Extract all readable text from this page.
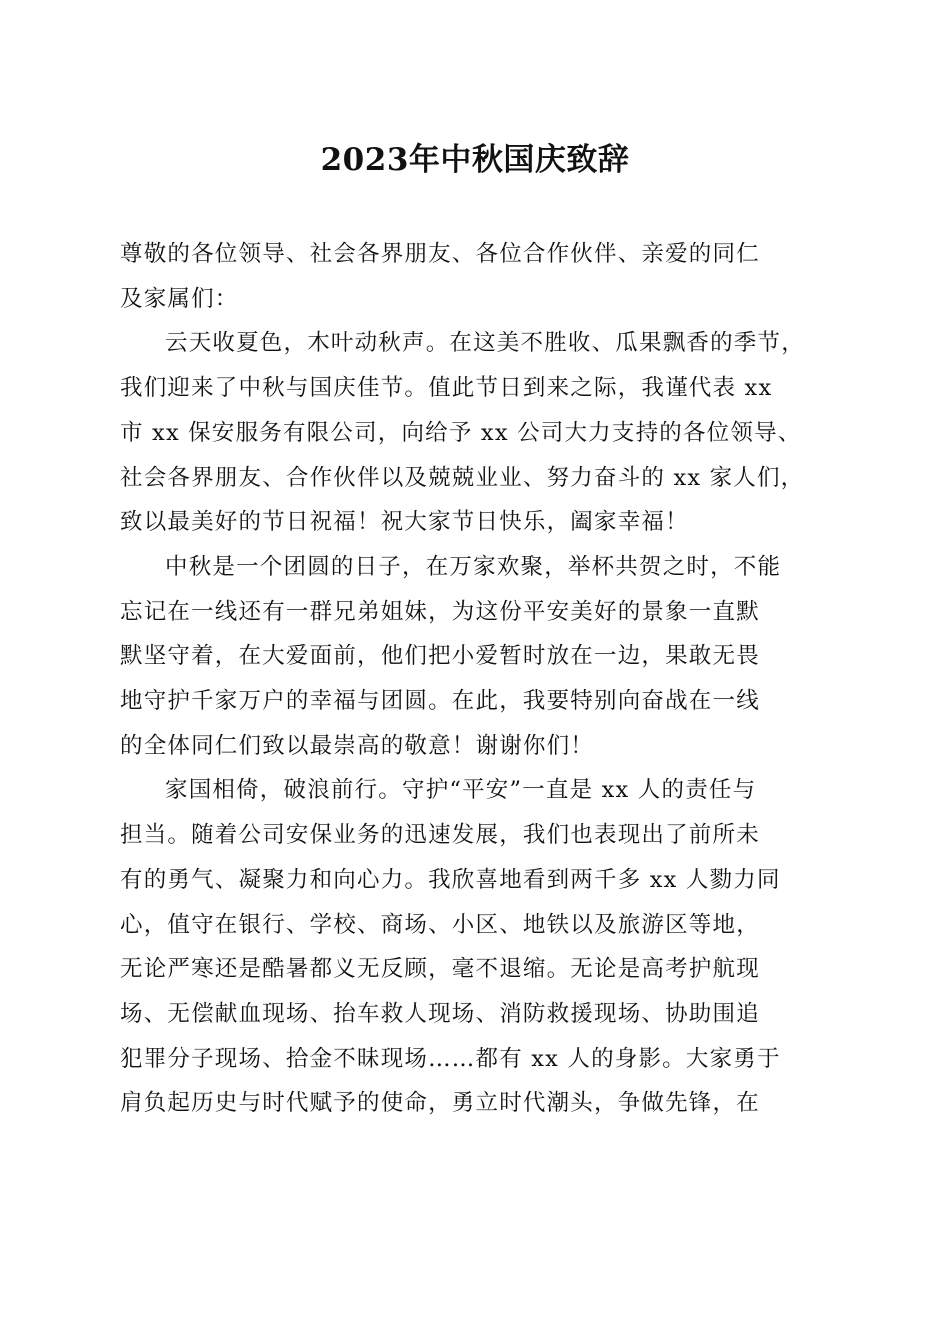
2023年中秋国庆致辞

尊敬的各位领导、社会各界朋友、各位合作伙伴、亲爱的同仁
及家属们：

云天收夏色，木叶动秋声。在这美不胜收、瓜果飘香的季节，
我们迎来了中秋与国庆佳节。值此节日到来之际，我谨代表 xx
市 xx 保安服务有限公司，向给予 xx 公司大力支持的各位领导、
社会各界朋友、合作伙伴以及兢兢业业、努力奋斗的 xx 家人们，
致以最美好的节日祝福！祝大家节日快乐，阖家幸福！

中秋是一个团圆的日子，在万家欢聚，举杯共贺之时，不能
忘记在一线还有一群兄弟姐妹，为这份平安美好的景象一直默
默坚守着，在大爱面前，他们把小爱暂时放在一边，果敢无畏
地守护千家万户的幸福与团圆。在此，我要特别向奋战在一线
的全体同仁们致以最崇高的敬意！谢谢你们！

家国相倚，破浪前行。守护“平安”一直是 xx 人的责任与
担当。随着公司安保业务的迅速发展，我们也表现出了前所未
有的勇气、凝聚力和向心力。我欣喜地看到两千多 xx 人勠力同
心，值守在银行、学校、商场、小区、地铁以及旅游区等地，
无论严寒还是酷暑都义无反顾，毫不退缩。无论是高考护航现
场、无偿献血现场、抬车救人现场、消防救援现场、协助围追
犯罪分子现场、拾金不昧现场……都有 xx 人的身影。大家勇于
肩负起历史与时代赋予的使命，勇立时代潮头，争做先锋，在
